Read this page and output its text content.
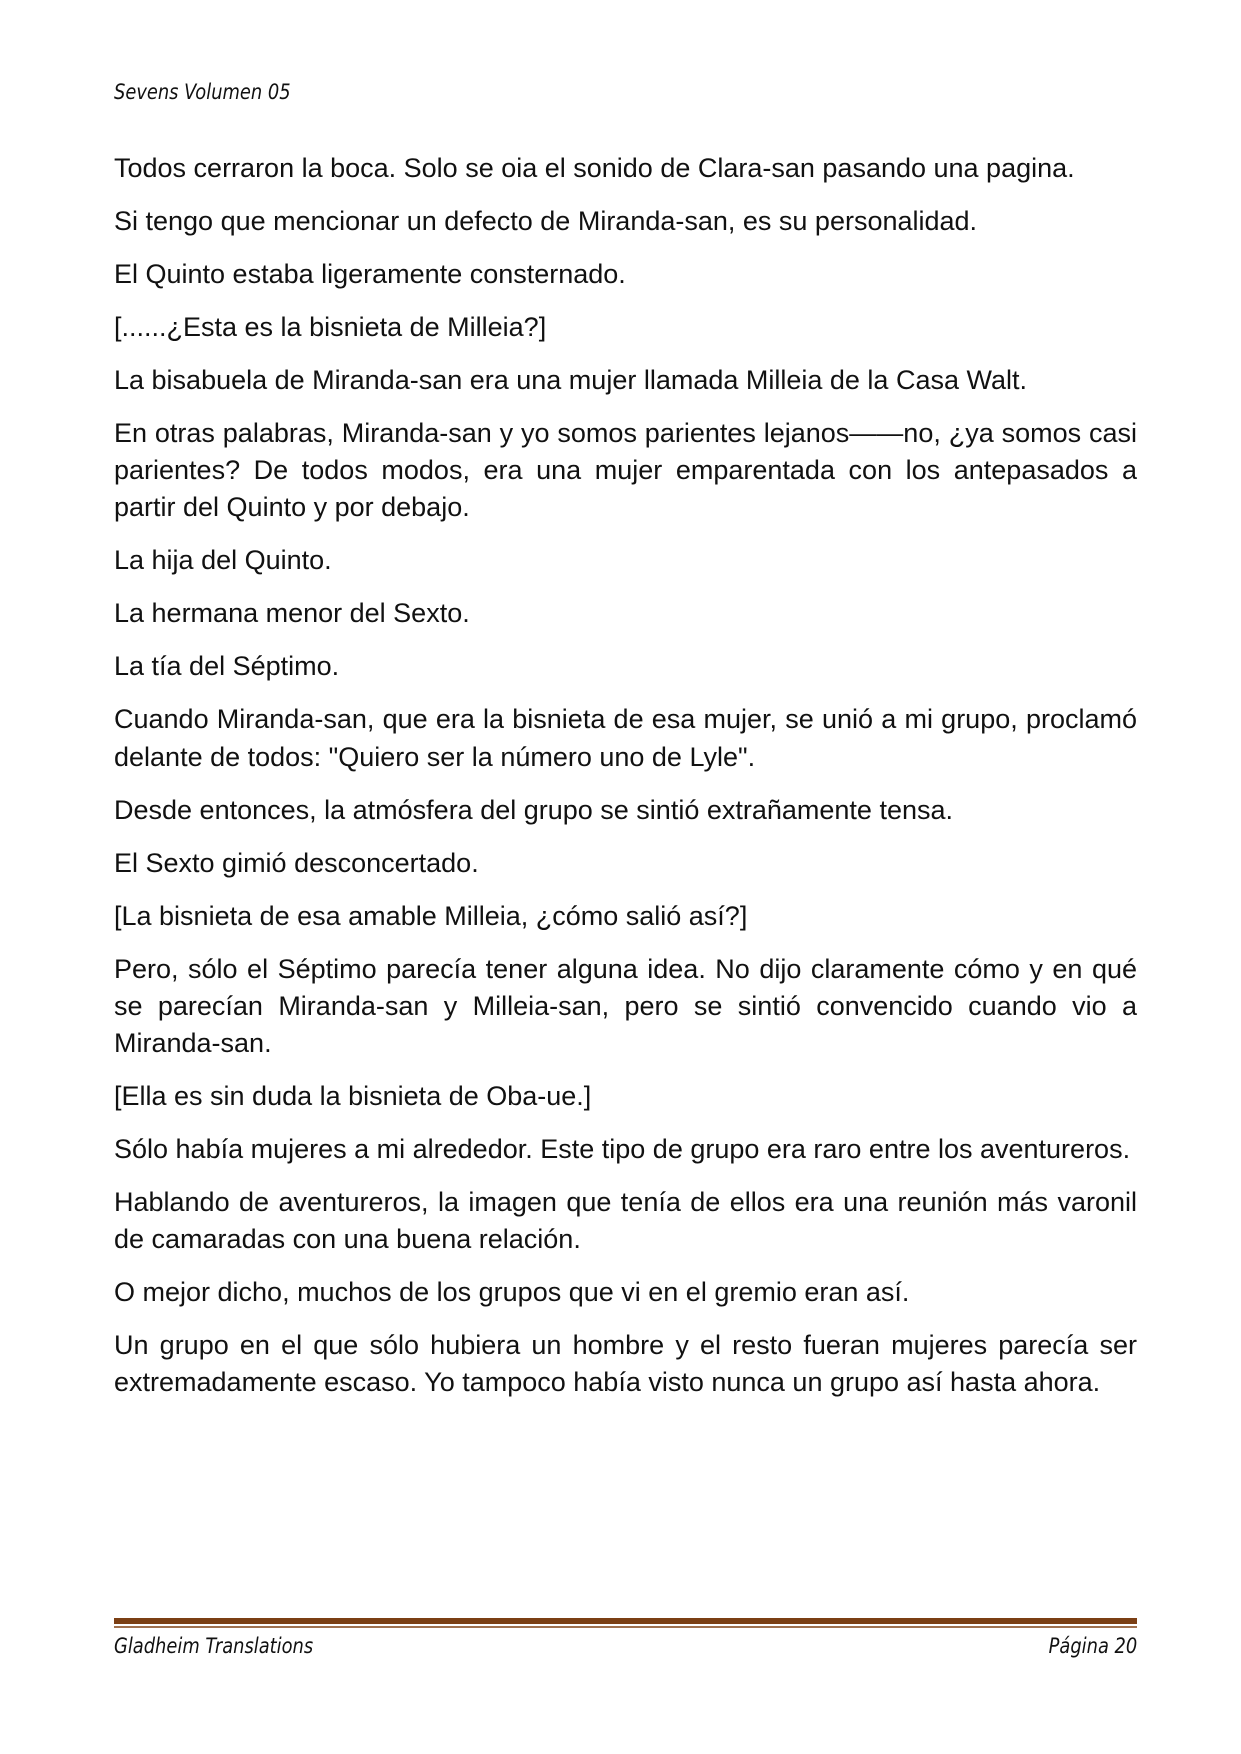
Sevens Volumen 05

Todos cerraron la boca. Solo se oia el sonido de Clara-san pasando una pagina.

Si tengo que mencionar un defecto de Miranda-san, es su personalidad.

El Quinto estaba ligeramente consternado.

[......¿Esta es la bisnieta de Milleia?]

La bisabuela de Miranda-san era una mujer llamada Milleia de la Casa Walt.

En otras palabras, Miranda-san y yo somos parientes lejanos——no, ¿ya somos casi parientes? De todos modos, era una mujer emparentada con los antepasados a partir del Quinto y por debajo.

La hija del Quinto.

La hermana menor del Sexto.

La tía del Séptimo.

Cuando Miranda-san, que era la bisnieta de esa mujer, se unió a mi grupo, proclamó delante de todos: "Quiero ser la número uno de Lyle".

Desde entonces, la atmósfera del grupo se sintió extrañamente tensa.

El Sexto gimió desconcertado.

[La bisnieta de esa amable Milleia, ¿cómo salió así?]

Pero, sólo el Séptimo parecía tener alguna idea. No dijo claramente cómo y en qué se parecían Miranda-san y Milleia-san, pero se sintió convencido cuando vio a Miranda-san.

[Ella es sin duda la bisnieta de Oba-ue.]

Sólo había mujeres a mi alrededor. Este tipo de grupo era raro entre los aventureros.

Hablando de aventureros, la imagen que tenía de ellos era una reunión más varonil de camaradas con una buena relación.

O mejor dicho, muchos de los grupos que vi en el gremio eran así.

Un grupo en el que sólo hubiera un hombre y el resto fueran mujeres parecía ser extremadamente escaso. Yo tampoco había visto nunca un grupo así hasta ahora.

Gladheim Translations	Página 20
